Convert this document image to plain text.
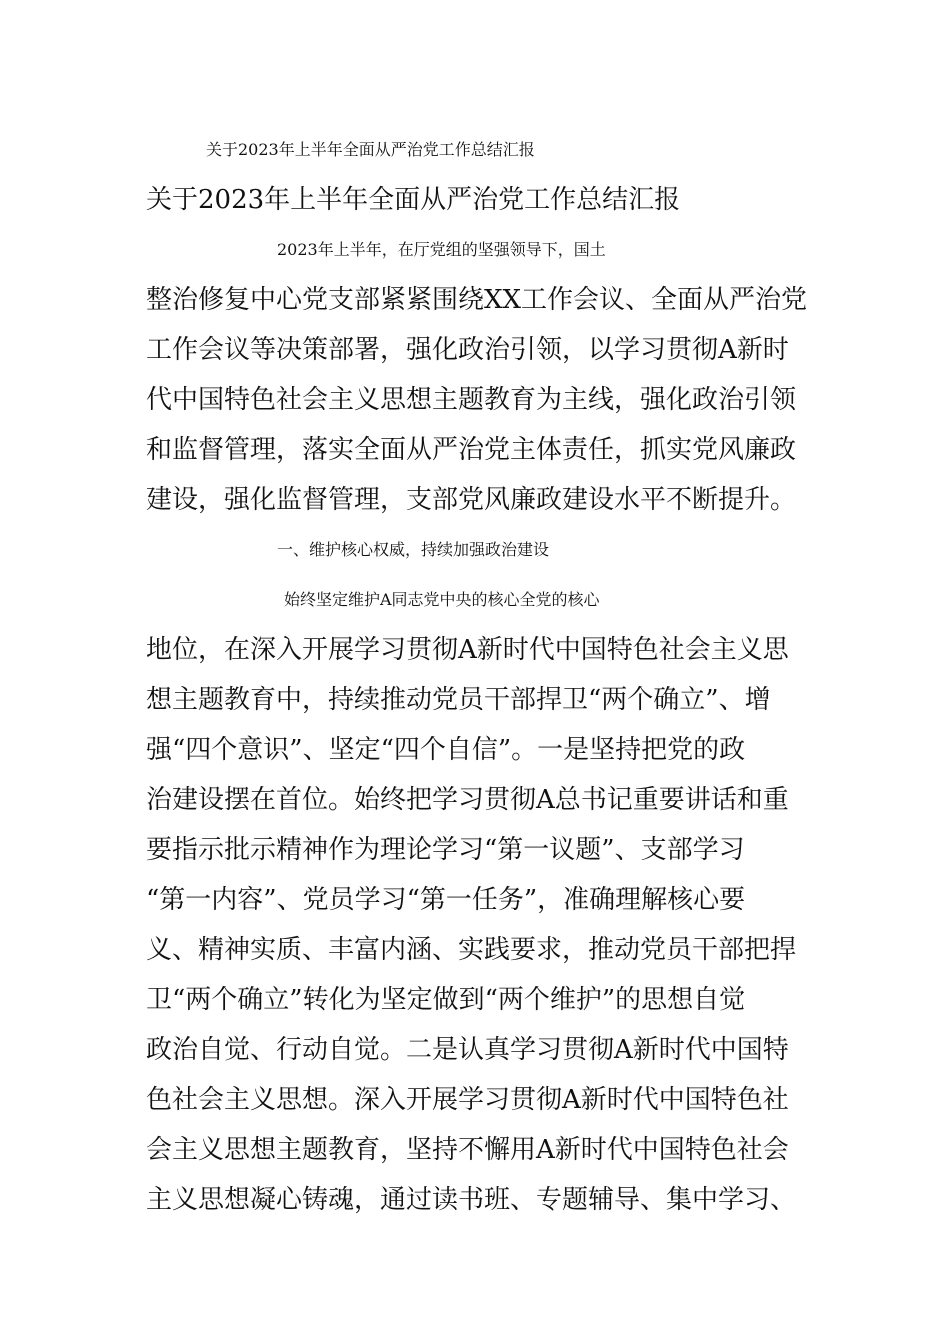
关于2023年上半年全面从严治党工作总结汇报
关于2023年上半年全面从严治党工作总结汇报
2023年上半年，在厅党组的坚强领导下，国土
整治修复中心党支部紧紧围绕XX工作会议、全面从严治党
工作会议等决策部署，强化政治引领，以学习贯彻A新时
代中国特色社会主义思想主题教育为主线，强化政治引领
和监督管理，落实全面从严治党主体责任，抓实党风廉政
建设，强化监督管理，支部党风廉政建设水平不断提升。
一、维护核心权威，持续加强政治建设
始终坚定维护A同志党中央的核心全党的核心
地位，在深入开展学习贯彻A新时代中国特色社会主义思
想主题教育中，持续推动党员干部捍卫“两个确立”、增
强“四个意识”、坚定“四个自信”。一是坚持把党的政
治建设摆在首位。始终把学习贯彻A总书记重要讲话和重
要指示批示精神作为理论学习“第一议题”、支部学习
“第一内容”、党员学习“第一任务”，准确理解核心要
义、精神实质、丰富内涵、实践要求，推动党员干部把捍
卫“两个确立”转化为坚定做到“两个维护”的思想自觉
政治自觉、行动自觉。二是认真学习贯彻A新时代中国特
色社会主义思想。深入开展学习贯彻A新时代中国特色社
会主义思想主题教育，坚持不懈用A新时代中国特色社会
主义思想凝心铸魂，通过读书班、专题辅导、集中学习、
